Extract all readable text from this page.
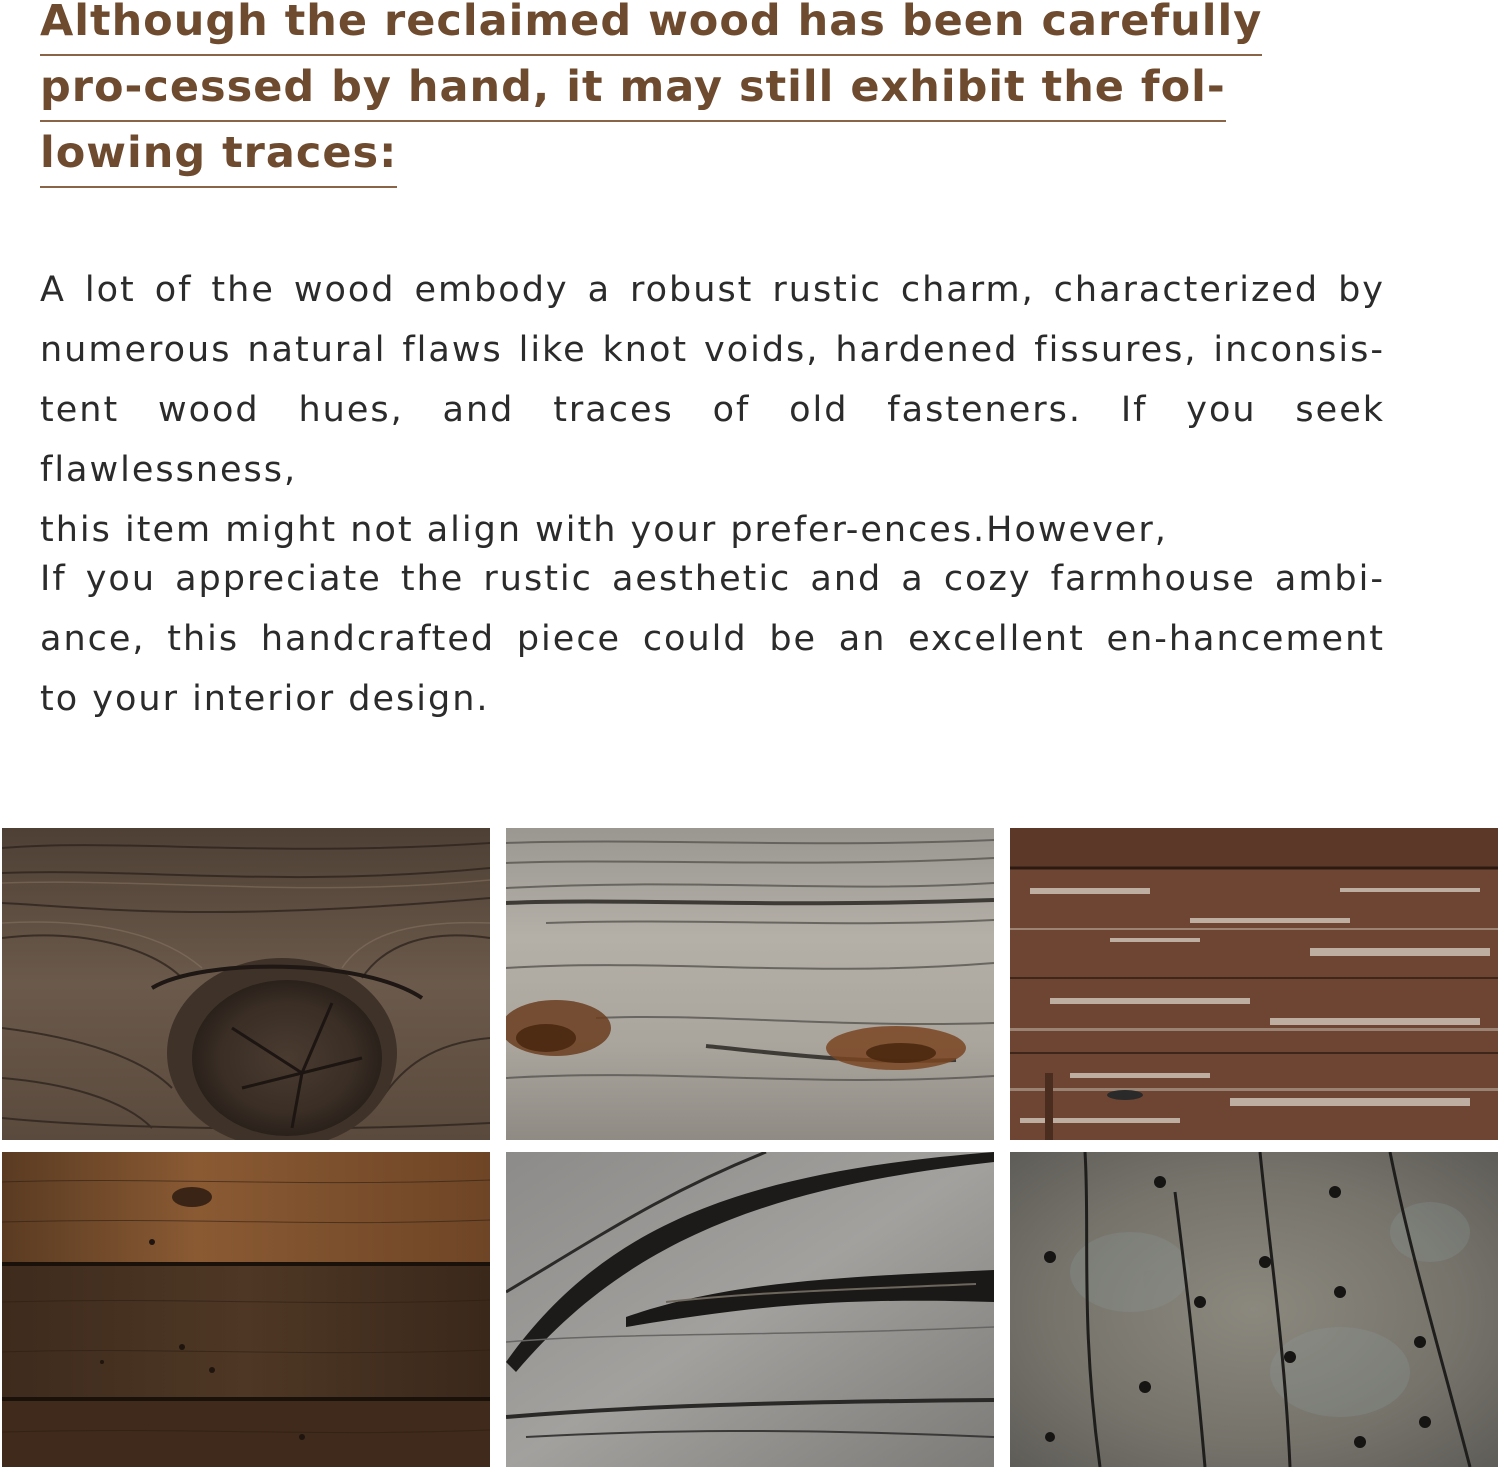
Although the reclaimed wood has been carefully
pro-cessed by hand, it may still exhibit the fol-
lowing traces:

A lot of the wood embody a robust rustic charm, characterized by
numerous natural flaws like knot voids, hardened fissures, inconsis-
tent wood hues, and traces of old fasteners. If you seek flawlessness,
this item might not align with your prefer-ences.However,

If you appreciate the rustic aesthetic and a cozy farmhouse ambi-
ance, this handcrafted piece could be an excellent en-hancement
to your interior design.
